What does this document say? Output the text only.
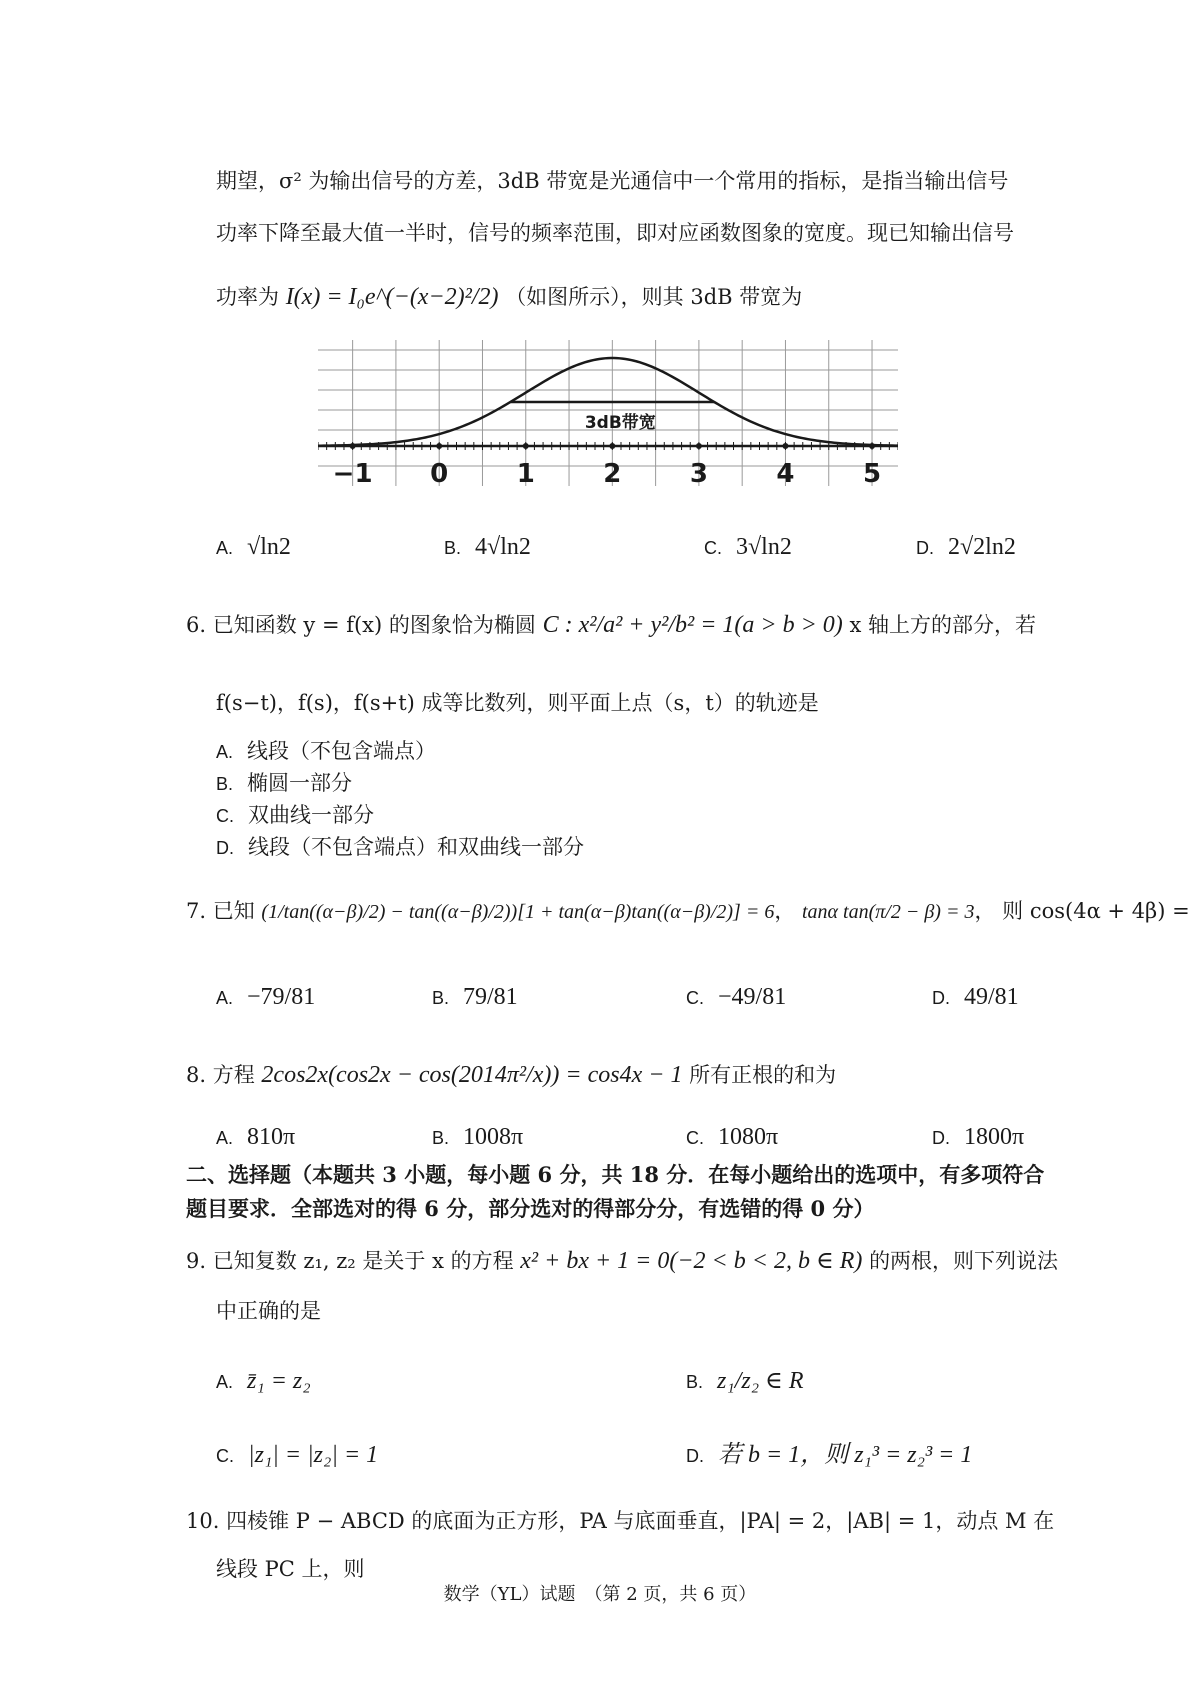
期望，σ² 为输出信号的方差，3dB 带宽是光通信中一个常用的指标，是指当输出信号
功率下降至最大值一半时，信号的频率范围，即对应函数图象的宽度。现已知输出信号
功率为 I(x) = I₀e^(−(x−2)²/2) （如图所示），则其 3dB 带宽为
−1 0	1	2	3	4	5
3dB带宽
A. √ln2	B. 4√ln2	C. 3√ln2	D. 2√2ln2
6. 已知函数 y = f(x) 的图象恰为椭圆 C : x²/a² + y²/b² = 1(a > b > 0) x 轴上方的部分，若
f(s−t)，f(s)，f(s+t) 成等比数列，则平面上点（s，t）的轨迹是
A. 线段（不包含端点）
B. 椭圆一部分
C. 双曲线一部分
D. 线段（不包含端点）和双曲线一部分
7. 已知 (1/tan((α−β)/2) − tan((α−β)/2))[1 + tan(α−β)tan((α−β)/2)] = 6， tanα tan(π/2 − β) = 3， 则 cos(4α + 4β) =
A. −79/81	B. 79/81	C. −49/81	D. 49/81
8. 方程 2cos2x(cos2x − cos(2014π²/x)) = cos4x − 1 所有正根的和为
A. 810π	B. 1008π	C. 1080π	D. 1800π
二、选择题（本题共 3 小题，每小题 6 分，共 18 分．在每小题给出的选项中，有多项符合
题目要求．全部选对的得 6 分，部分选对的得部分分，有选错的得 0 分）
9. 已知复数 z₁, z₂ 是关于 x 的方程 x² + bx + 1 = 0(−2 < b < 2, b ∈ R) 的两根，则下列说法
中正确的是
A. z̄₁ = z₂	B. z₁/z₂ ∈ R
C. |z₁| = |z₂| = 1	D. 若 b = 1，则 z₁³ = z₂³ = 1
10. 四棱锥 P − ABCD 的底面为正方形，PA 与底面垂直，|PA| = 2，|AB| = 1，动点 M 在
线段 PC 上，则
数学（YL）试题　（第 2 页，共 6 页）
